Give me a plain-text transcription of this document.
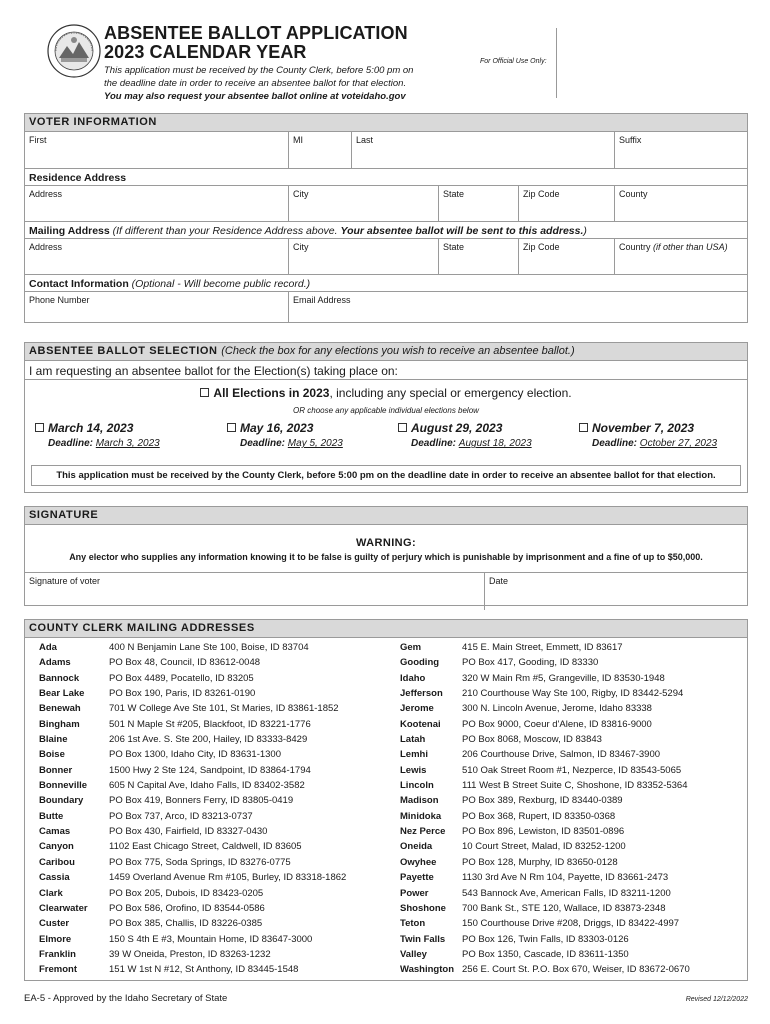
ABSENTEE BALLOT APPLICATION
2023 CALENDAR YEAR
This application must be received by the County Clerk, before 5:00 pm on
the deadline date in order to receive an absentee ballot for that election.
You may also request your absentee ballot online at voteidaho.gov
For Official Use Only:
VOTER INFORMATION
First	MI	Last	Suffix
Residence Address
Address	City	State	Zip Code	County
Mailing Address (If different than your Residence Address above. Your absentee ballot will be sent to this address.)
Address	City	State	Zip Code	Country (if other than USA)
Contact Information (Optional - Will become public record.)
Phone Number	Email Address
ABSENTEE BALLOT SELECTION (Check the box for any elections you wish to receive an absentee ballot.)
I am requesting an absentee ballot for the Election(s) taking place on:
All Elections in 2023, including any special or emergency election.
OR choose any applicable individual elections below
March 14, 2023
Deadline: March 3, 2023
May 16, 2023
Deadline: May 5, 2023
August 29, 2023
Deadline: August 18, 2023
November 7, 2023
Deadline: October 27, 2023
This application must be received by the County Clerk, before 5:00 pm on the deadline date in order to receive an absentee ballot for that election.
SIGNATURE
WARNING:
Any elector who supplies any information knowing it to be false is guilty of perjury which is punishable by imprisonment and a fine of up to $50,000.
Signature of voter	Date
COUNTY CLERK MAILING ADDRESSES
Ada	400 N Benjamin Lane Ste 100, Boise, ID 83704
Adams	PO Box 48, Council, ID 83612-0048
Bannock	PO Box 4489, Pocatello, ID 83205
Bear Lake	PO Box 190, Paris, ID 83261-0190
Benewah	701 W College Ave Ste 101, St Maries, ID 83861-1852
Bingham	501 N Maple St #205, Blackfoot, ID 83221-1776
Blaine	206 1st Ave. S. Ste 200, Hailey, ID 83333-8429
Boise	PO Box 1300, Idaho City, ID 83631-1300
Bonner	1500 Hwy 2 Ste 124, Sandpoint, ID 83864-1794
Bonneville	605 N Capital Ave, Idaho Falls, ID 83402-3582
Boundary	PO Box 419, Bonners Ferry, ID 83805-0419
Butte	PO Box 737, Arco, ID 83213-0737
Camas	PO Box 430, Fairfield, ID 83327-0430
Canyon	1102 East Chicago Street, Caldwell, ID 83605
Caribou	PO Box 775, Soda Springs, ID 83276-0775
Cassia	1459 Overland Avenue Rm #105, Burley, ID 83318-1862
Clark	PO Box 205, Dubois, ID 83423-0205
Clearwater	PO Box 586, Orofino, ID 83544-0586
Custer	PO Box 385, Challis, ID 83226-0385
Elmore	150 S 4th E #3, Mountain Home, ID 83647-3000
Franklin	39 W Oneida, Preston, ID 83263-1232
Fremont	151 W 1st N #12, St Anthony, ID 83445-1548
Gem	415 E. Main Street, Emmett, ID 83617
Gooding	PO Box 417, Gooding, ID 83330
Idaho	320 W Main Rm #5, Grangeville, ID 83530-1948
Jefferson	210 Courthouse Way Ste 100, Rigby, ID 83442-5294
Jerome	300 N. Lincoln Avenue, Jerome, Idaho 83338
Kootenai	PO Box 9000, Coeur d'Alene, ID 83816-9000
Latah	PO Box 8068, Moscow, ID 83843
Lemhi	206 Courthouse Drive, Salmon, ID 83467-3900
Lewis	510 Oak Street Room #1, Nezperce, ID 83543-5065
Lincoln	111 West B Street Suite C, Shoshone, ID 83352-5364
Madison	PO Box 389, Rexburg, ID 83440-0389
Minidoka	PO Box 368, Rupert, ID 83350-0368
Nez Perce	PO Box 896, Lewiston, ID 83501-0896
Oneida	10 Court Street, Malad, ID 83252-1200
Owyhee	PO Box 128, Murphy, ID 83650-0128
Payette	1130 3rd Ave N Rm 104, Payette, ID 83661-2473
Power	543 Bannock Ave, American Falls, ID 83211-1200
Shoshone	700 Bank St., STE 120, Wallace, ID 83873-2348
Teton	150 Courthouse Drive #208, Driggs, ID 83422-4997
Twin Falls	PO Box 126, Twin Falls, ID 83303-0126
Valley	PO Box 1350, Cascade, ID 83611-1350
Washington 256 E. Court St. P.O. Box 670, Weiser, ID 83672-0670
EA-5 - Approved by the Idaho Secretary of State	Revised 12/12/2022
